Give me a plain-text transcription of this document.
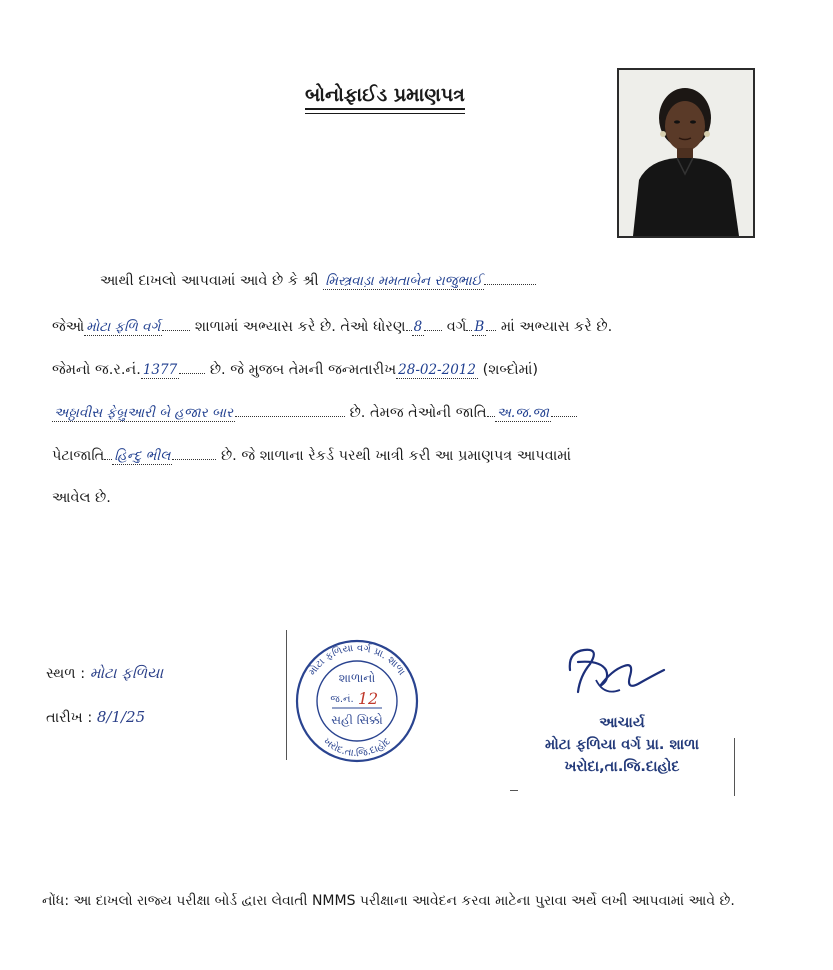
બોનોફાઈડ પ્રમાણપત્ર
આથી દાખલો આપવામાં આવે છે કે શ્રી મિસ્ત્રવાડ઼ા મમતાબેન રાજુભાઈ
જેઓ મોટા ફળિ વર્ગ શાળામાં અભ્યાસ કરે છે. તેઓ ધોરણ 8 વર્ગ B માં અભ્યાસ કરે છે.
જેમનો જ.ર.નં. 1377 છે. જે મુજબ તેમની જન્મતારીખ 28-02-2012 (શબ્દોમાં)
અઠ્ઠાવીસ ફેબ્રુઆરી બે હજાર બાર	છે. તેમજ તેઓની જાતિ અ.જ.જા
પેટાજાતિ હિન્દુ ભીલ	છે. જે શાળાના રેકર્ડ પરથી ખાત્રી કરી આ પ્રમાણપત્ર આપવામાં
આવેલ છે.
સ્થળ : મોટા ફળિયા
તારીખ : 8/1/25
મોટા ફળિયા વર્ગ પ્રા. શાળા
ખરોદ.તા.જિ.દાહોદ
શાળાનો
જ.નં. 12
સહી સિક્કો	આચાર્ય
મોટા ફળિયા વર્ગ પ્રા. શાળા
ખરોદા,તા.જિ.દાહોદ
નોંધ: આ દાખલો રાજ્ય પરીક્ષા બોર્ડ દ્વારા લેવાતી NMMS પરીક્ષાના આવેદન કરવા માટેના પુરાવા અર્થે લખી આપવામાં આવે છે.
